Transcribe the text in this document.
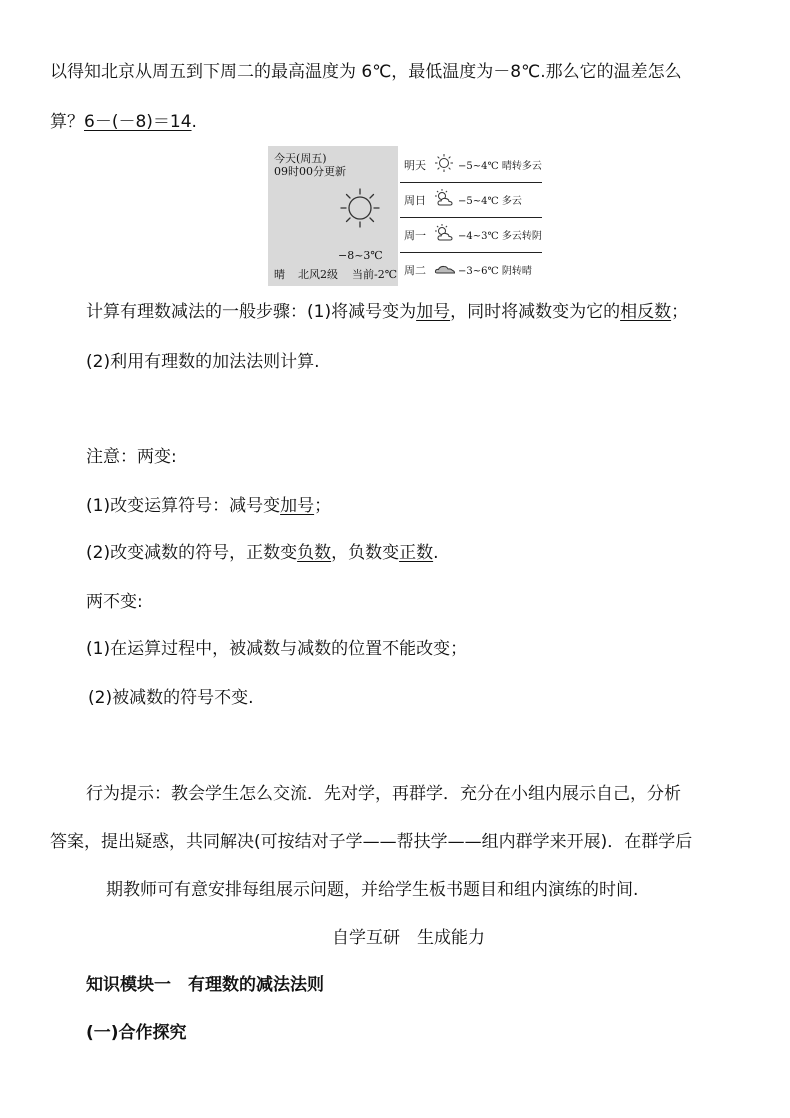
以得知北京从周五到下周二的最高温度为 6℃，最低温度为－8℃.那么它的温差怎么
算？6－(－8)＝14.
今天(周五)
09时00分更新
−8~3℃
晴 北风2级 当前-2℃
明天	−5~4℃ 晴转多云
周日	−5~4℃ 多云
周一	−4~3℃ 多云转阴
周二	−3~6℃ 阴转晴
计算有理数减法的一般步骤：(1)将减号变为加号，同时将减数变为它的相反数；
(2)利用有理数的加法法则计算.
注意：两变:
(1)改变运算符号：减号变加号；
(2)改变减数的符号，正数变负数，负数变正数.
两不变:
(1)在运算过程中，被减数与减数的位置不能改变；
(2)被减数的符号不变.
行为提示：教会学生怎么交流．先对学，再群学．充分在小组内展示自己，分析
答案，提出疑惑，共同解决(可按结对子学——帮扶学——组内群学来开展)．在群学后
期教师可有意安排每组展示问题，并给学生板书题目和组内演练的时间.
自学互研　生成能力
知识模块一　有理数的减法法则
(一)合作探究
